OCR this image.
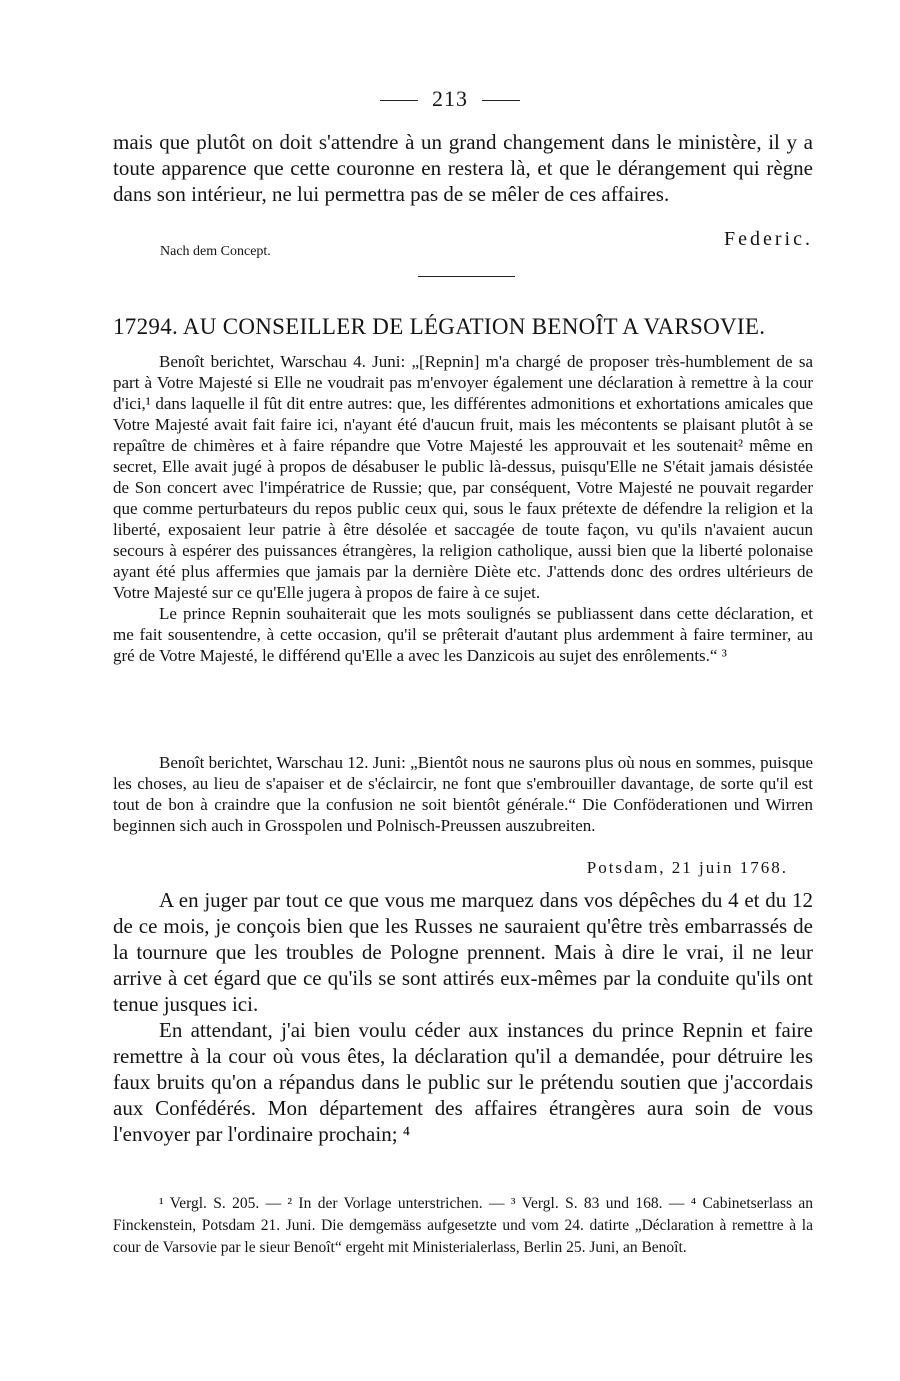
213

mais que plutôt on doit s'attendre à un grand changement dans le ministère, il y a toute apparence que cette couronne en restera là, et que le dérangement qui règne dans son intérieur, ne lui permettra pas de se mêler de ces affaires.

Nach dem Concept.
Federic.
17294. AU CONSEILLER DE LÉGATION BENOÎT A VARSOVIE.

Benoît berichtet, Warschau 4. Juni: „[Repnin] m'a chargé de proposer très-humblement de sa part à Votre Majesté si Elle ne voudrait pas m'envoyer également une déclaration à remettre à la cour d'ici,¹ dans laquelle il fût dit entre autres: que, les différentes admonitions et exhortations amicales que Votre Majesté avait fait faire ici, n'ayant été d'aucun fruit, mais les mécontents se plaisant plutôt à se repaître de chimères et à faire répandre que Votre Majesté les approuvait et les soutenait² même en secret, Elle avait jugé à propos de désabuser le public là-dessus, puisqu'Elle ne S'était jamais désistée de Son concert avec l'impératrice de Russie; que, par conséquent, Votre Majesté ne pouvait regarder que comme perturbateurs du repos public ceux qui, sous le faux prétexte de défendre la religion et la liberté, exposaient leur patrie à être désolée et saccagée de toute façon, vu qu'ils n'avaient aucun secours à espérer des puissances étrangères, la religion catholique, aussi bien que la liberté polonaise ayant été plus affermies que jamais par la dernière Diète etc. J'attends donc des ordres ultérieurs de Votre Majesté sur ce qu'Elle jugera à propos de faire à ce sujet.

Le prince Repnin souhaiterait que les mots soulignés se publiassent dans cette déclaration, et me fait sousentendre, à cette occasion, qu'il se prêterait d'autant plus ardemment à faire terminer, au gré de Votre Majesté, le différend qu'Elle a avec les Danzicois au sujet des enrôlements.“ ³

Benoît berichtet, Warschau 12. Juni: „Bientôt nous ne saurons plus où nous en sommes, puisque les choses, au lieu de s'apaiser et de s'éclaircir, ne font que s'embrouiller davantage, de sorte qu'il est tout de bon à craindre que la confusion ne soit bientôt générale.“ Die Conföderationen und Wirren beginnen sich auch in Grosspolen und Polnisch-Preussen auszubreiten.

Potsdam, 21 juin 1768.

A en juger par tout ce que vous me marquez dans vos dépêches du 4 et du 12 de ce mois, je conçois bien que les Russes ne sauraient qu'être très embarrassés de la tournure que les troubles de Pologne prennent. Mais à dire le vrai, il ne leur arrive à cet égard que ce qu'ils se sont attirés eux-mêmes par la conduite qu'ils ont tenue jusques ici.

En attendant, j'ai bien voulu céder aux instances du prince Repnin et faire remettre à la cour où vous êtes, la déclaration qu'il a demandée, pour détruire les faux bruits qu'on a répandus dans le public sur le prétendu soutien que j'accordais aux Confédérés. Mon département des affaires étrangères aura soin de vous l'envoyer par l'ordinaire prochain; ⁴

¹ Vergl. S. 205. — ² In der Vorlage unterstrichen. — ³ Vergl. S. 83 und 168. — ⁴ Cabinetserlass an Finckenstein, Potsdam 21. Juni. Die demgemäss aufgesetzte und vom 24. datirte „Déclaration à remettre à la cour de Varsovie par le sieur Benoît“ ergeht mit Ministerialerlass, Berlin 25. Juni, an Benoît.
